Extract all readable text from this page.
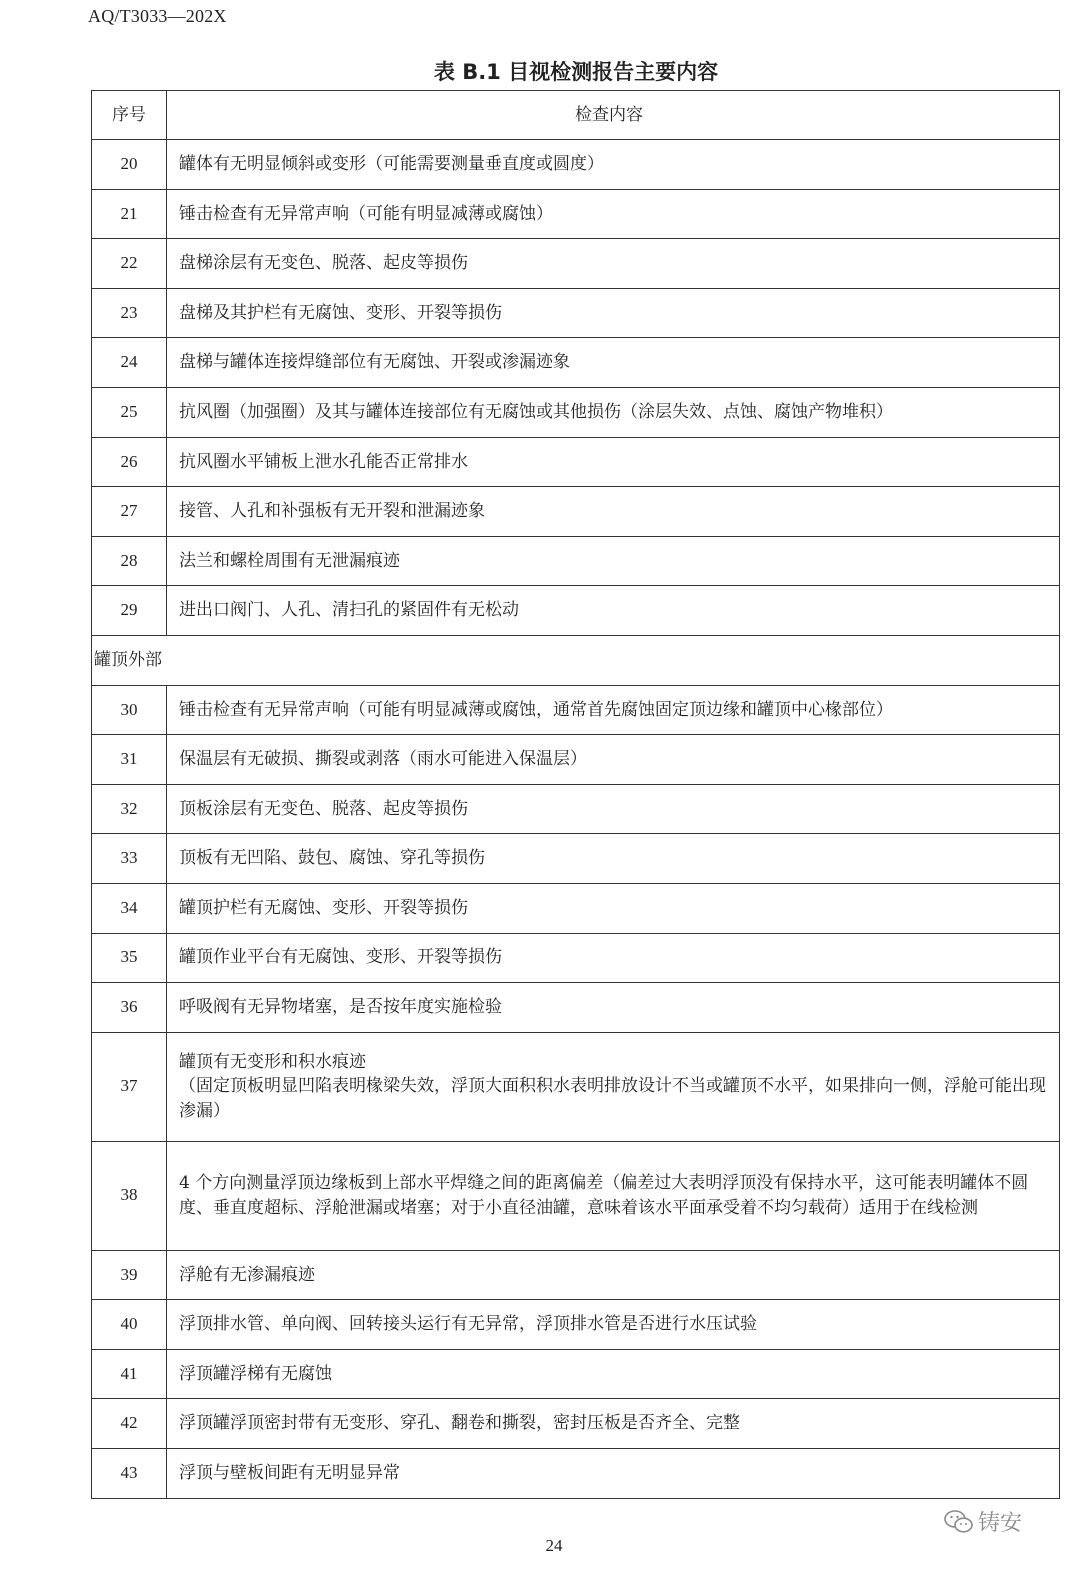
AQ/T3033—202X
表 B.1 目视检测报告主要内容
序号	检查内容
20	罐体有无明显倾斜或变形（可能需要测量垂直度或圆度）
21	锤击检查有无异常声响（可能有明显减薄或腐蚀）
22	盘梯涂层有无变色、脱落、起皮等损伤
23	盘梯及其护栏有无腐蚀、变形、开裂等损伤
24	盘梯与罐体连接焊缝部位有无腐蚀、开裂或渗漏迹象
25	抗风圈（加强圈）及其与罐体连接部位有无腐蚀或其他损伤（涂层失效、点蚀、腐蚀产物堆积）
26	抗风圈水平铺板上泄水孔能否正常排水
27	接管、人孔和补强板有无开裂和泄漏迹象
28	法兰和螺栓周围有无泄漏痕迹
29	进出口阀门、人孔、清扫孔的紧固件有无松动
罐顶外部	
30	锤击检查有无异常声响（可能有明显减薄或腐蚀，通常首先腐蚀固定顶边缘和罐顶中心椽部位）
31	保温层有无破损、撕裂或剥落（雨水可能进入保温层）
32	顶板涂层有无变色、脱落、起皮等损伤
33	顶板有无凹陷、鼓包、腐蚀、穿孔等损伤
34	罐顶护栏有无腐蚀、变形、开裂等损伤
35	罐顶作业平台有无腐蚀、变形、开裂等损伤
36	呼吸阀有无异物堵塞，是否按年度实施检验
37	罐顶有无变形和积水痕迹
（固定顶板明显凹陷表明椽梁失效，浮顶大面积积水表明排放设计不当或罐顶不水平，如果排向一侧，浮舱可能出现渗漏）

38	4 个方向测量浮顶边缘板到上部水平焊缝之间的距离偏差（偏差过大表明浮顶没有保持水平，这可能表明罐体不圆度、垂直度超标、浮舱泄漏或堵塞；对于小直径油罐，意味着该水平面承受着不均匀载荷）适用于在线检测
39	浮舱有无渗漏痕迹
40	浮顶排水管、单向阀、回转接头运行有无异常，浮顶排水管是否进行水压试验
41	浮顶罐浮梯有无腐蚀
42	浮顶罐浮顶密封带有无变形、穿孔、翻卷和撕裂，密封压板是否齐全、完整
43	浮顶与壁板间距有无明显异常
24
铸安
